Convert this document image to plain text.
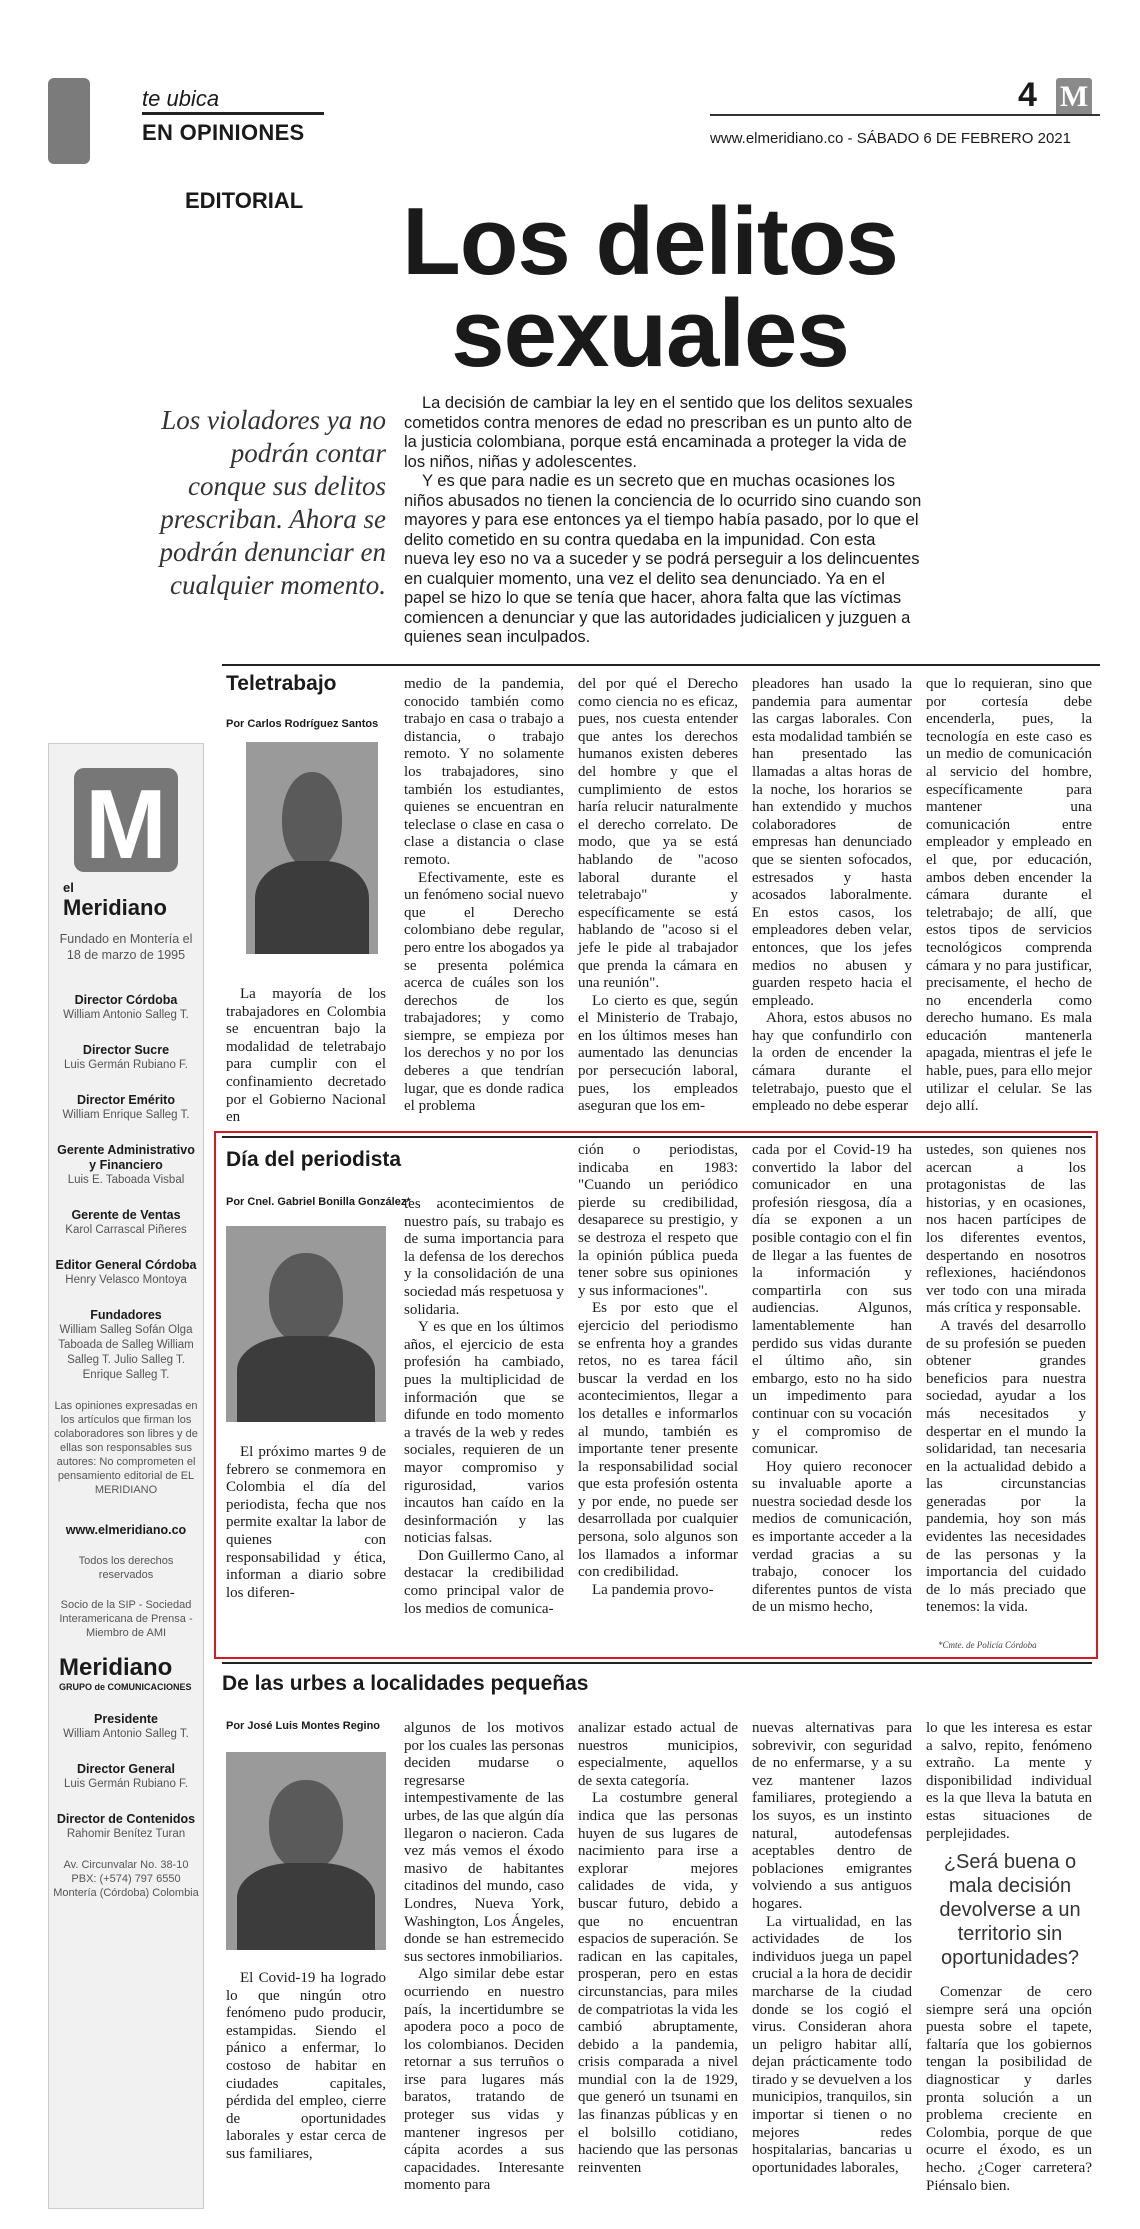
te ubica
EN OPINIONES
4 M
www.elmeridiano.co - SÁBADO 6 DE FEBRERO 2021
EDITORIAL	Los delitos sexuales
Los violadores ya no podrán contar conque sus delitos prescriban. Ahora se podrán denunciar en cualquier momento.

La decisión de cambiar la ley en el sentido que los delitos sexuales cometidos contra menores de edad no prescriban es un punto alto de la justicia colombiana, porque está encaminada a proteger la vida de los niños, niñas y adolescentes.

Y es que para nadie es un secreto que en muchas ocasiones los niños abusados no tienen la conciencia de lo ocurrido sino cuando son mayores y para ese entonces ya el tiempo había pasado, por lo que el delito cometido en su contra quedaba en la impunidad. Con esta nueva ley eso no va a suceder y se podrá perseguir a los delincuentes en cualquier momento, una vez el delito sea denunciado. Ya en el papel se hizo lo que se tenía que hacer, ahora falta que las víctimas comiencen a denunciar y que las autoridades judicialicen y juzguen a quienes sean inculpados.

M
el
Meridiano
Fundado en Montería el 18 de marzo de 1995
Director Córdoba
William Antonio Salleg T.
Director Sucre
Luis Germán Rubiano F.
Director Emérito
William Enrique Salleg T.
Gerente Administrativo y Financiero
Luis E. Taboada Visbal
Gerente de Ventas
Karol Carrascal Piñeres
Editor General Córdoba
Henry Velasco Montoya
Fundadores
William Salleg Sofán Olga Taboada de Salleg William Salleg T. Julio Salleg T. Enrique Salleg T.
Las opiniones expresadas en los artículos que firman los colaboradores son libres y de ellas son responsables sus autores: No comprometen el pensamiento editorial de EL MERIDIANO
www.elmeridiano.co
Todos los derechos reservados
Socio de la SIP - Sociedad Interamericana de Prensa - Miembro de AMI
Meridiano
GRUPO de COMUNICACIONES
Presidente
William Antonio Salleg T.
Director General
Luis Germán Rubiano F.
Director de Contenidos
Rahomir Benítez Turan
Av. Circunvalar No. 38-10 PBX: (+574) 797 6550 Montería (Córdoba) Colombia
Teletrabajo
Por Carlos Rodríguez Santos

La mayoría de los trabajadores en Colombia se encuentran bajo la modalidad de teletrabajo para cumplir con el confinamiento decretado por el Gobierno Nacional en

medio de la pandemia, conocido también como trabajo en casa o trabajo a distancia, o trabajo remoto. Y no solamente los trabajadores, sino también los estudiantes, quienes se encuentran en teleclase o clase en casa o clase a distancia o clase remoto.

Efectivamente, este es un fenómeno social nuevo que el Derecho colombiano debe regular, pero entre los abogados ya se presenta polémica acerca de cuáles son los derechos de los trabajadores; y como siempre, se empieza por los derechos y no por los deberes a que tendrían lugar, que es donde radica el problema

del por qué el Derecho como ciencia no es eficaz, pues, nos cuesta entender que antes los derechos humanos existen deberes del hombre y que el cumplimiento de estos haría relucir naturalmente el derecho correlato. De modo, que ya se está hablando de "acoso laboral durante el teletrabajo" y específicamente se está hablando de "acoso si el jefe le pide al trabajador que prenda la cámara en una reunión".

Lo cierto es que, según el Ministerio de Trabajo, en los últimos meses han aumentado las denuncias por persecución laboral, pues, los empleados aseguran que los em-

pleadores han usado la pandemia para aumentar las cargas laborales. Con esta modalidad también se han presentado las llamadas a altas horas de la noche, los horarios se han extendido y muchos colaboradores de empresas han denunciado que se sienten sofocados, estresados y hasta acosados laboralmente. En estos casos, los empleadores deben velar, entonces, que los jefes medios no abusen y guarden respeto hacia el empleado.

Ahora, estos abusos no hay que confundirlo con la orden de encender la cámara durante el teletrabajo, puesto que el empleado no debe esperar

que lo requieran, sino que por cortesía debe encenderla, pues, la tecnología en este caso es un medio de comunicación al servicio del hombre, específicamente para mantener una comunicación entre empleador y empleado en el que, por educación, ambos deben encender la cámara durante el teletrabajo; de allí, que estos tipos de servicios tecnológicos comprenda cámara y no para justificar, precisamente, el hecho de no encenderla como derecho humano. Es mala educación mantenerla apagada, mientras el jefe le hable, pues, para ello mejor utilizar el celular. Se las dejo allí.

Día del periodista
Por Cnel. Gabriel Bonilla González*

El próximo martes 9 de febrero se conmemora en Colombia el día del periodista, fecha que nos permite exaltar la labor de quienes con responsabilidad y ética, informan a diario sobre los diferen-

tes acontecimientos de nuestro país, su trabajo es de suma importancia para la defensa de los derechos y la consolidación de una sociedad más respetuosa y solidaria.

Y es que en los últimos años, el ejercicio de esta profesión ha cambiado, pues la multiplicidad de información que se difunde en todo momento a través de la web y redes sociales, requieren de un mayor compromiso y rigurosidad, varios incautos han caído en la desinformación y las noticias falsas.

Don Guillermo Cano, al destacar la credibilidad como principal valor de los medios de comunica-

ción o periodistas, indicaba en 1983: "Cuando un periódico pierde su credibilidad, desaparece su prestigio, y se destroza el respeto que la opinión pública pueda tener sobre sus opiniones y sus informaciones".

Es por esto que el ejercicio del periodismo se enfrenta hoy a grandes retos, no es tarea fácil buscar la verdad en los acontecimientos, llegar a los detalles e informarlos al mundo, también es importante tener presente la responsabilidad social que esta profesión ostenta y por ende, no puede ser desarrollada por cualquier persona, solo algunos son los llamados a informar con credibilidad.

La pandemia provo-

cada por el Covid-19 ha convertido la labor del comunicador en una profesión riesgosa, día a día se exponen a un posible contagio con el fin de llegar a las fuentes de la información y compartirla con sus audiencias. Algunos, lamentablemente han perdido sus vidas durante el último año, sin embargo, esto no ha sido un impedimento para continuar con su vocación y el compromiso de comunicar.

Hoy quiero reconocer su invaluable aporte a nuestra sociedad desde los medios de comunicación, es importante acceder a la verdad gracias a su trabajo, conocer los diferentes puntos de vista de un mismo hecho,

ustedes, son quienes nos acercan a los protagonistas de las historias, y en ocasiones, nos hacen partícipes de los diferentes eventos, despertando en nosotros reflexiones, haciéndonos ver todo con una mirada más crítica y responsable.

A través del desarrollo de su profesión se pueden obtener grandes beneficios para nuestra sociedad, ayudar a los más necesitados y despertar en el mundo la solidaridad, tan necesaria en la actualidad debido a las circunstancias generadas por la pandemia, hoy son más evidentes las necesidades de las personas y la importancia del cuidado de lo más preciado que tenemos: la vida.

*Cmte. de Policía Córdoba
De las urbes a localidades pequeñas
Por José Luis Montes Regino

El Covid-19 ha logrado lo que ningún otro fenómeno pudo producir, estampidas. Siendo el pánico a enfermar, lo costoso de habitar en ciudades capitales, pérdida del empleo, cierre de oportunidades laborales y estar cerca de sus familiares,

algunos de los motivos por los cuales las personas deciden mudarse o regresarse intempestivamente de las urbes, de las que algún día llegaron o nacieron. Cada vez más vemos el éxodo masivo de habitantes citadinos del mundo, caso Londres, Nueva York, Washington, Los Ángeles, donde se han estremecido sus sectores inmobiliarios.

Algo similar debe estar ocurriendo en nuestro país, la incertidumbre se apodera poco a poco de los colombianos. Deciden retornar a sus terruños o irse para lugares más baratos, tratando de proteger sus vidas y mantener ingresos per cápita acordes a sus capacidades. Interesante momento para

analizar estado actual de nuestros municipios, especialmente, aquellos de sexta categoría.

La costumbre general indica que las personas huyen de sus lugares de nacimiento para irse a explorar mejores calidades de vida, y buscar futuro, debido a que no encuentran espacios de superación. Se radican en las capitales, prosperan, pero en estas circunstancias, para miles de compatriotas la vida les cambió abruptamente, debido a la pandemia, crisis comparada a nivel mundial con la de 1929, que generó un tsunami en las finanzas públicas y en el bolsillo cotidiano, haciendo que las personas reinventen

nuevas alternativas para sobrevivir, con seguridad de no enfermarse, y a su vez mantener lazos familiares, protegiendo a los suyos, es un instinto natural, autodefensas aceptables dentro de poblaciones emigrantes volviendo a sus antiguos hogares.

La virtualidad, en las actividades de los individuos juega un papel crucial a la hora de decidir marcharse de la ciudad donde se los cogió el virus. Consideran ahora un peligro habitar allí, dejan prácticamente todo tirado y se devuelven a los municipios, tranquilos, sin importar si tienen o no mejores redes hospitalarias, bancarias u oportunidades laborales,

lo que les interesa es estar a salvo, repito, fenómeno extraño. La mente y disponibilidad individual es la que lleva la batuta en estas situaciones de perplejidades.

¿Será buena o mala decisión devolverse a un territorio sin oportunidades?

Comenzar de cero siempre será una opción puesta sobre el tapete, faltaría que los gobiernos tengan la posibilidad de diagnosticar y darles pronta solución a un problema creciente en Colombia, porque de que ocurre el éxodo, es un hecho. ¿Coger carretera? Piénsalo bien.
